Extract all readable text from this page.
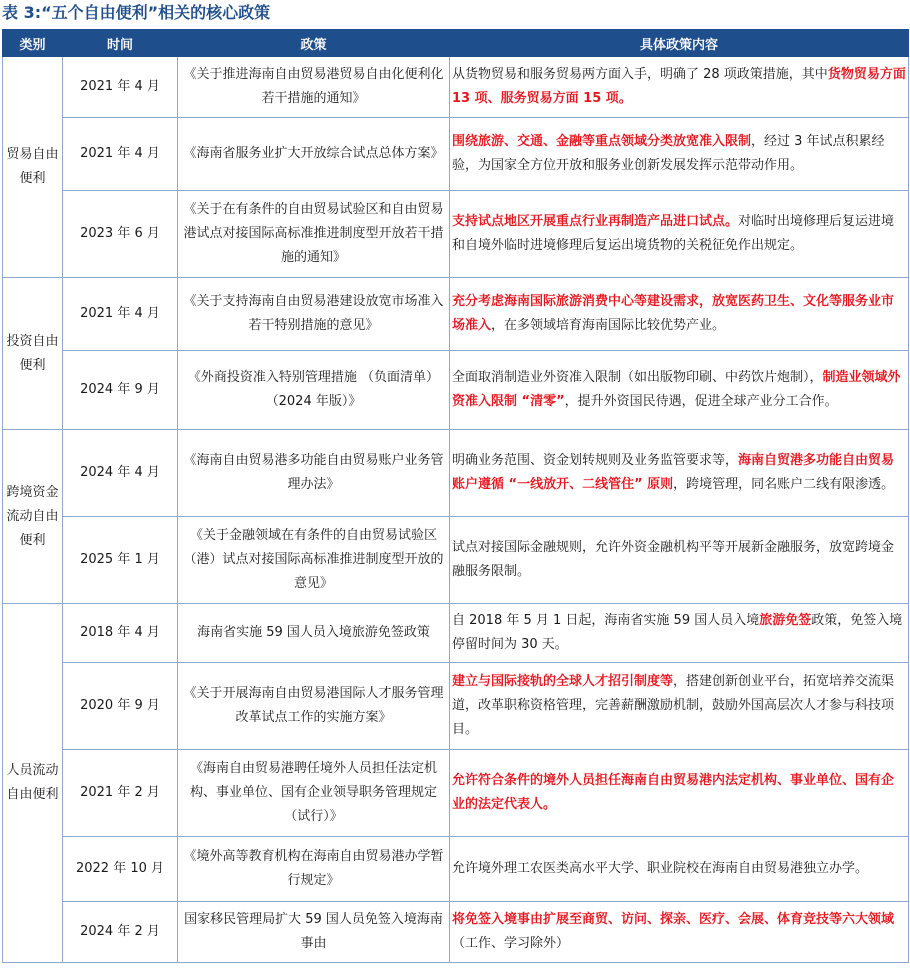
表 3:“五个自由便利”相关的核心政策
类别	时间	政策	具体政策内容
贸易自由便利	2021 年 4 月	《关于推进海南自由贸易港贸易自由化便利化若干措施的通知》	从货物贸易和服务贸易两方面入手，明确了 28 项政策措施，其中货物贸易方面 13 项、服务贸易方面 15 项。
	2021 年 4 月	《海南省服务业扩大开放综合试点总体方案》	围绕旅游、交通、金融等重点领域分类放宽准入限制，经过 3 年试点积累经验，为国家全方位开放和服务业创新发展发挥示范带动作用。
	2023 年 6 月	《关于在有条件的自由贸易试验区和自由贸易港试点对接国际高标准推进制度型开放若干措施的通知》	支持试点地区开展重点行业再制造产品进口试点。对临时出境修理后复运进境和自境外临时进境修理后复运出境货物的关税征免作出规定。
投资自由便利	2021 年 4 月	《关于支持海南自由贸易港建设放宽市场准入若干特别措施的意见》	充分考虑海南国际旅游消费中心等建设需求，放宽医药卫生、文化等服务业市场准入，在多领域培育海南国际比较优势产业。
	2024 年 9 月	《外商投资准入特别管理措施 （负面清单）（2024 年版）》	全面取消制造业外资准入限制（如出版物印刷、中药饮片炮制），制造业领域外资准入限制 “清零”，提升外资国民待遇，促进全球产业分工合作。
跨境资金流动自由便利	2024 年 4 月	《海南自由贸易港多功能自由贸易账户业务管理办法》	明确业务范围、资金划转规则及业务监管要求等，海南自贸港多功能自由贸易账户遵循 “一线放开、二线管住” 原则，跨境管理，同名账户二线有限渗透。
	2025 年 1 月	《关于金融领域在有条件的自由贸易试验区（港）试点对接国际高标准推进制度型开放的意见》	试点对接国际金融规则，允许外资金融机构平等开展新金融服务，放宽跨境金融服务限制。
人员流动自由便利	2018 年 4 月	海南省实施 59 国人员入境旅游免签政策	自 2018 年 5 月 1 日起，海南省实施 59 国人员入境旅游免签政策，免签入境停留时间为 30 天。
	2020 年 9 月	《关于开展海南自由贸易港国际人才服务管理改革试点工作的实施方案》	建立与国际接轨的全球人才招引制度等，搭建创新创业平台，拓宽培养交流渠道，改革职称资格管理，完善薪酬激励机制，鼓励外国高层次人才参与科技项目。
	2021 年 2 月	《海南自由贸易港聘任境外人员担任法定机构、事业单位、国有企业领导职务管理规定（试行）》	允许符合条件的境外人员担任海南自由贸易港内法定机构、事业单位、国有企业的法定代表人。
	2022 年 10 月	《境外高等教育机构在海南自由贸易港办学暂行规定》	允许境外理工农医类高水平大学、职业院校在海南自由贸易港独立办学。
	2024 年 2 月	国家移民管理局扩大 59 国人员免签入境海南事由	将免签入境事由扩展至商贸、访问、探亲、医疗、会展、体育竞技等六大领域（工作、学习除外）
